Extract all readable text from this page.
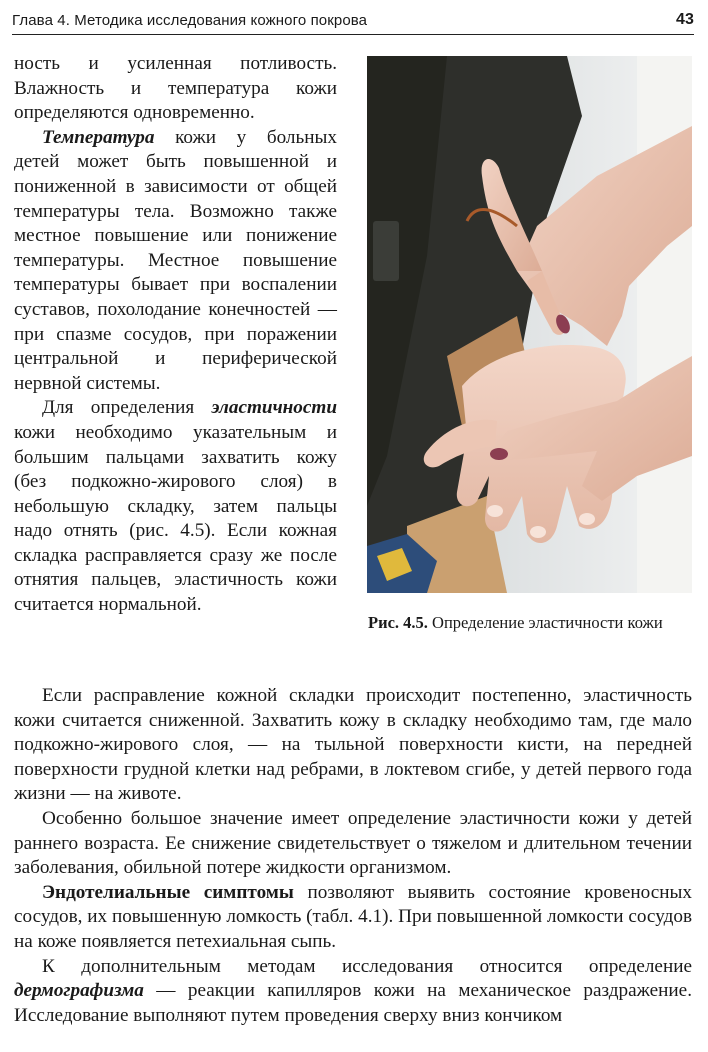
Глава 4. Методика исследования кожного покрова	43

ность и усиленная потливость. Влажность и температура кожи определяются одновременно.

Температура кожи у больных детей может быть повышенной и пониженной в зависимости от общей температуры тела. Возможно также местное повышение или понижение температуры. Местное повышение температуры бывает при воспалении суставов, похолодание конечностей — при спазме сосудов, при поражении центральной и периферической нервной системы.

Для определения эластичности кожи необходимо указательным и большим пальцами захватить кожу (без подкожно-жирового слоя) в небольшую складку, затем пальцы надо отнять (рис. 4.5). Если кожная складка расправляется сразу же после отнятия пальцев, эластичность кожи считается нормальной.

Рис. 4.5. Определение эластичности кожи

Если расправление кожной складки происходит постепенно, эластичность кожи считается сниженной. Захватить кожу в складку необходимо там, где мало подкожно-жирового слоя, — на тыльной поверхности кисти, на передней поверхности грудной клетки над ребрами, в локтевом сгибе, у детей первого года жизни — на животе.

Особенно большое значение имеет определение эластичности кожи у детей раннего возраста. Ее снижение свидетельствует о тяжелом и длительном течении заболевания, обильной потере жидкости организмом.

Эндотелиальные симптомы позволяют выявить состояние кровеносных сосудов, их повышенную ломкость (табл. 4.1). При повышенной ломкости сосудов на коже появляется петехиальная сыпь.

К дополнительным методам исследования относится определение дермографизма — реакции капилляров кожи на механическое раздражение. Исследование выполняют путем проведения сверху вниз кончиком
